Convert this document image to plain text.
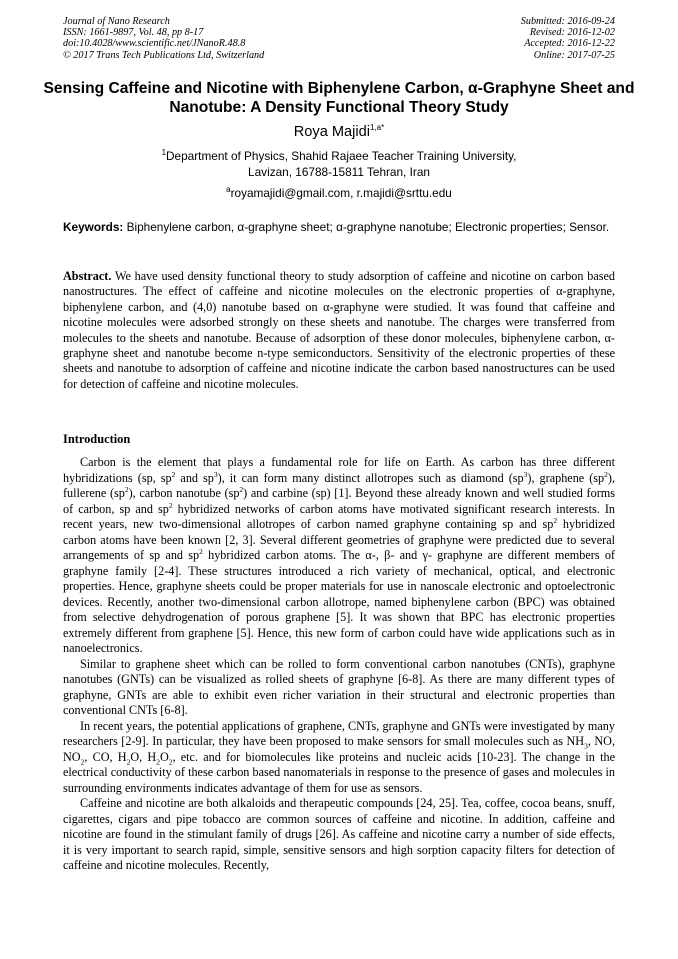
Journal of Nano Research
ISSN: 1661-9897, Vol. 48, pp 8-17
doi:10.4028/www.scientific.net/JNanoR.48.8
© 2017 Trans Tech Publications Ltd, Switzerland
Submitted: 2016-09-24
Revised: 2016-12-02
Accepted: 2016-12-22
Online: 2017-07-25
Sensing Caffeine and Nicotine with Biphenylene Carbon, α-Graphyne Sheet and Nanotube: A Density Functional Theory Study
Roya Majidi$^{1,a*}$
$^1$Department of Physics, Shahid Rajaee Teacher Training University,
Lavizan, 16788-15811 Tehran, Iran
$^a$royamajidi@gmail.com, r.majidi@srttu.edu
Keywords: Biphenylene carbon, α-graphyne sheet; α-graphyne nanotube; Electronic properties; Sensor.
Abstract. We have used density functional theory to study adsorption of caffeine and nicotine on carbon based nanostructures. The effect of caffeine and nicotine molecules on the electronic properties of α-graphyne, biphenylene carbon, and (4,0) nanotube based on α-graphyne were studied. It was found that caffeine and nicotine molecules were adsorbed strongly on these sheets and nanotube. The charges were transferred from molecules to the sheets and nanotube. Because of adsorption of these donor molecules, biphenylene carbon, α-graphyne sheet and nanotube become n-type semiconductors. Sensitivity of the electronic properties of these sheets and nanotube to adsorption of caffeine and nicotine indicate the carbon based nanostructures can be used for detection of caffeine and nicotine molecules.
Introduction

Carbon is the element that plays a fundamental role for life on Earth. As carbon has three different hybridizations (sp, $sp^2$ and $sp^3$), it can form many distinct allotropes such as diamond $(sp^3)$, graphene $(sp^2)$, fullerene $(sp^2)$, carbon nanotube $(sp^2)$ and carbine (sp) [1]. Beyond these already known and well studied forms of carbon, sp and $sp^2$ hybridized networks of carbon atoms have motivated significant research interests. In recent years, new two-dimensional allotropes of carbon named graphyne containing sp and $sp^2$ hybridized carbon atoms have been known [2, 3]. Several different geometries of graphyne were predicted due to several arrangements of sp and $sp^2$ hybridized carbon atoms. The α-, β- and γ- graphyne are different members of graphyne family [2-4]. These structures introduced a rich variety of mechanical, optical, and electronic properties. Hence, graphyne sheets could be proper materials for use in nanoscale electronic and optoelectronic devices. Recently, another two-dimensional carbon allotrope, named biphenylene carbon (BPC) was obtained from selective dehydrogenation of porous graphene [5]. It was shown that BPC has electronic properties extremely different from graphene [5]. Hence, this new form of carbon could have wide applications such as in nanoelectronics.

Similar to graphene sheet which can be rolled to form conventional carbon nanotubes (CNTs), graphyne nanotubes (GNTs) can be visualized as rolled sheets of graphyne [6-8]. As there are many different types of graphyne, GNTs are able to exhibit even richer variation in their structural and electronic properties than conventional CNTs [6-8].

In recent years, the potential applications of graphene, CNTs, graphyne and GNTs were investigated by many researchers [2-9]. In particular, they have been proposed to make sensors for small molecules such as $NH_3$, NO, $NO_2$, CO, $H_2O$, $H_2O_2$, etc. and for biomolecules like proteins and nucleic acids [10-23]. The change in the electrical conductivity of these carbon based nanomaterials in response to the presence of gases and molecules in surrounding environments indicates advantage of them for use as sensors.

Caffeine and nicotine are both alkaloids and therapeutic compounds [24, 25]. Tea, coffee, cocoa beans, snuff, cigarettes, cigars and pipe tobacco are common sources of caffeine and nicotine. In addition, caffeine and nicotine are found in the stimulant family of drugs [26]. As caffeine and nicotine carry a number of side effects, it is very important to search rapid, simple, sensitive sensors and high sorption capacity filters for detection of caffeine and nicotine molecules. Recently,
